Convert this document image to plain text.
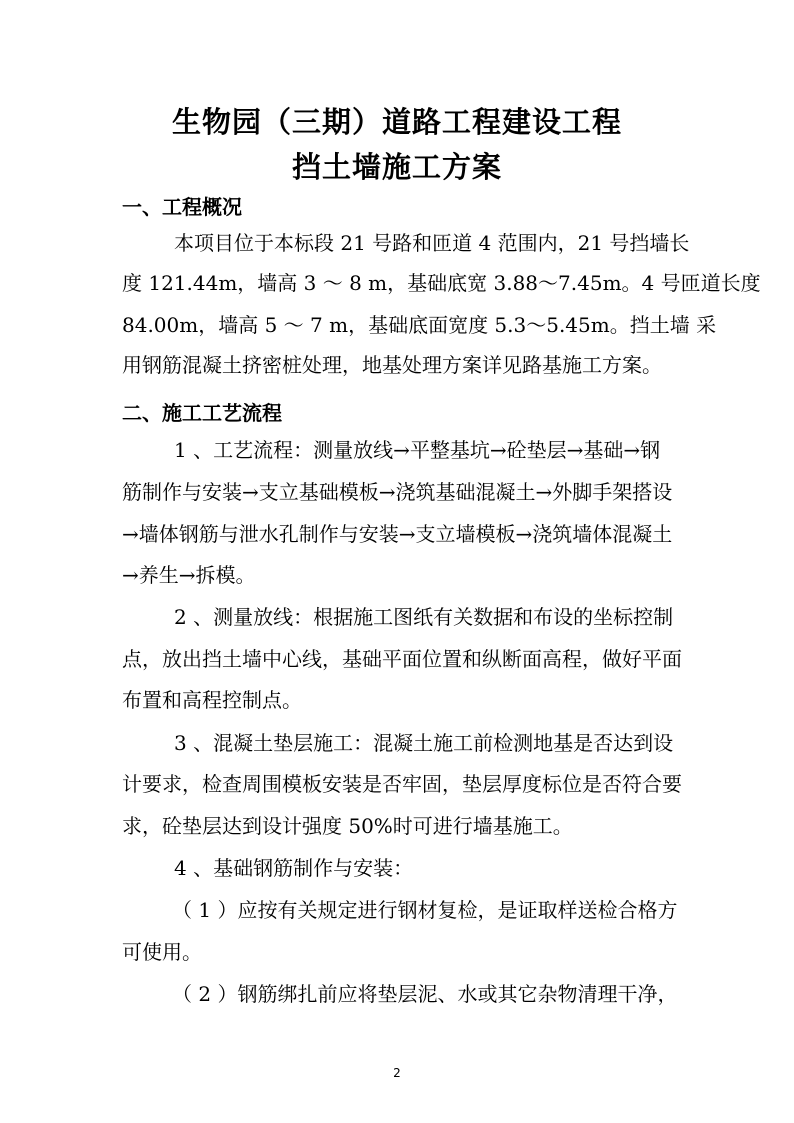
生物园（三期）道路工程建设工程
挡土墙施工方案
一、工程概况
本项目位于本标段 21 号路和匝道 4 范围内，21 号挡墙长
度 121.44m，墙高 3 ～ 8 m，基础底宽 3.88～7.45m。4 号匝道长度
84.00m，墙高 5 ～ 7 m，基础底面宽度 5.3～5.45m。挡土墙 采
用钢筋混凝土挤密桩处理，地基处理方案详见路基施工方案。
二、施工工艺流程
1 、工艺流程：测量放线→平整基坑→砼垫层→基础→钢
筋制作与安装→支立基础模板→浇筑基础混凝土→外脚手架搭设
→墙体钢筋与泄水孔制作与安装→支立墙模板→浇筑墙体混凝土
→养生→拆模。
2 、测量放线：根据施工图纸有关数据和布设的坐标控制
点，放出挡土墙中心线，基础平面位置和纵断面高程，做好平面
布置和高程控制点。
3 、混凝土垫层施工：混凝土施工前检测地基是否达到设
计要求，检查周围模板安装是否牢固，垫层厚度标位是否符合要
求，砼垫层达到设计强度 50%时可进行墙基施工。
4 、基础钢筋制作与安装：
（ 1 ）应按有关规定进行钢材复检，是证取样送检合格方
可使用。
（ 2 ）钢筋绑扎前应将垫层泥、水或其它杂物清理干净，
2
